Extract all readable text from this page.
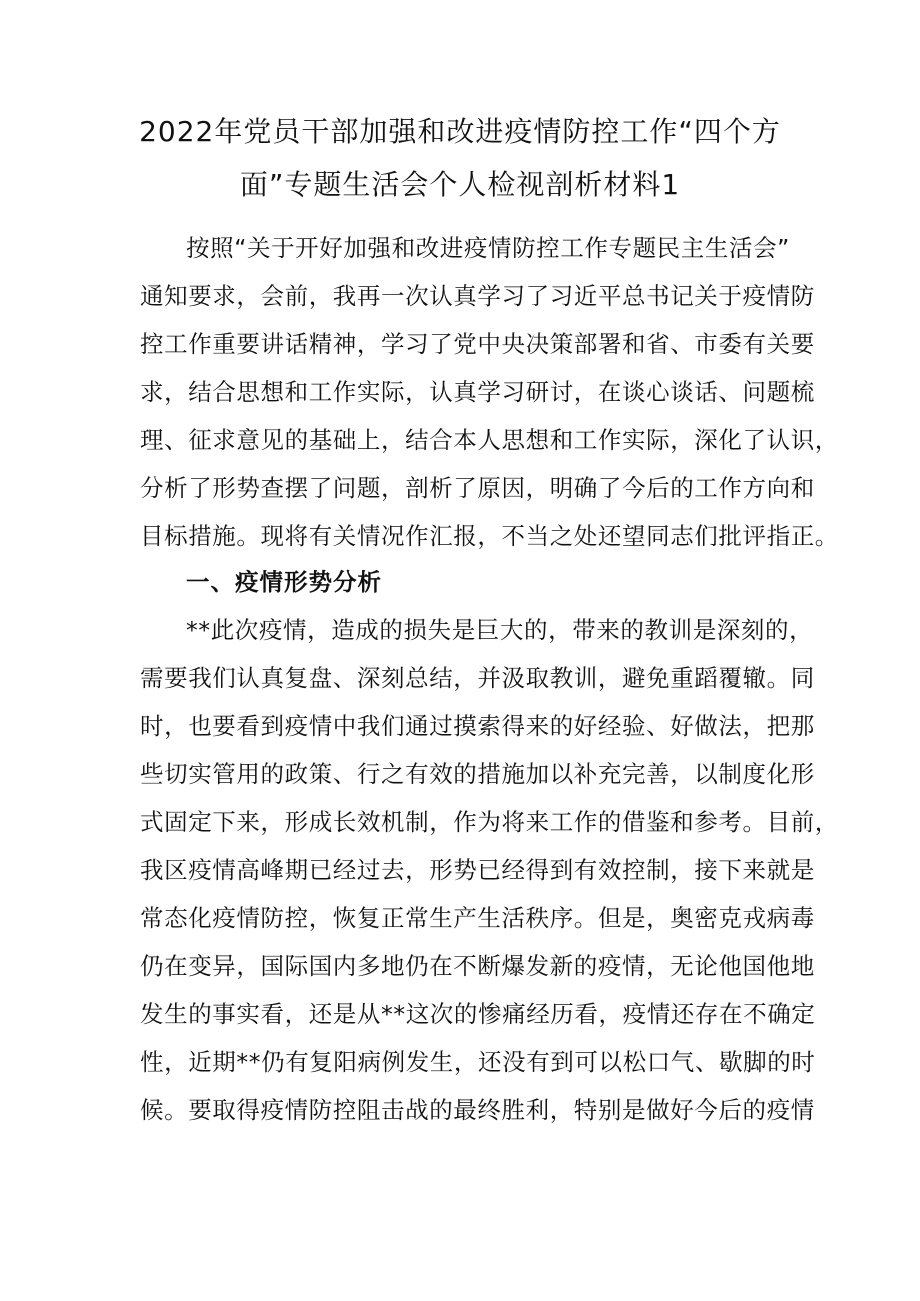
2022年党员干部加强和改进疫情防控工作“四个方
面”专题生活会个人检视剖析材料1

按照“关于开好加强和改进疫情防控工作专题民主生活会”

通知要求，会前，我再一次认真学习了习近平总书记关于疫情防

控工作重要讲话精神，学习了党中央决策部署和省、市委有关要

求，结合思想和工作实际，认真学习研讨，在谈心谈话、问题梳

理、征求意见的基础上，结合本人思想和工作实际，深化了认识，

分析了形势查摆了问题，剖析了原因，明确了今后的工作方向和

目标措施。现将有关情况作汇报，不当之处还望同志们批评指正。

一、疫情形势分析

**此次疫情，造成的损失是巨大的，带来的教训是深刻的，

需要我们认真复盘、深刻总结，并汲取教训，避免重蹈覆辙。同

时，也要看到疫情中我们通过摸索得来的好经验、好做法，把那

些切实管用的政策、行之有效的措施加以补充完善，以制度化形

式固定下来，形成长效机制，作为将来工作的借鉴和参考。目前，

我区疫情高峰期已经过去，形势已经得到有效控制，接下来就是

常态化疫情防控，恢复正常生产生活秩序。但是，奥密克戎病毒

仍在变异，国际国内多地仍在不断爆发新的疫情，无论他国他地

发生的事实看，还是从**这次的惨痛经历看，疫情还存在不确定

性，近期**仍有复阳病例发生，还没有到可以松口气、歇脚的时

候。要取得疫情防控阻击战的最终胜利，特别是做好今后的疫情
